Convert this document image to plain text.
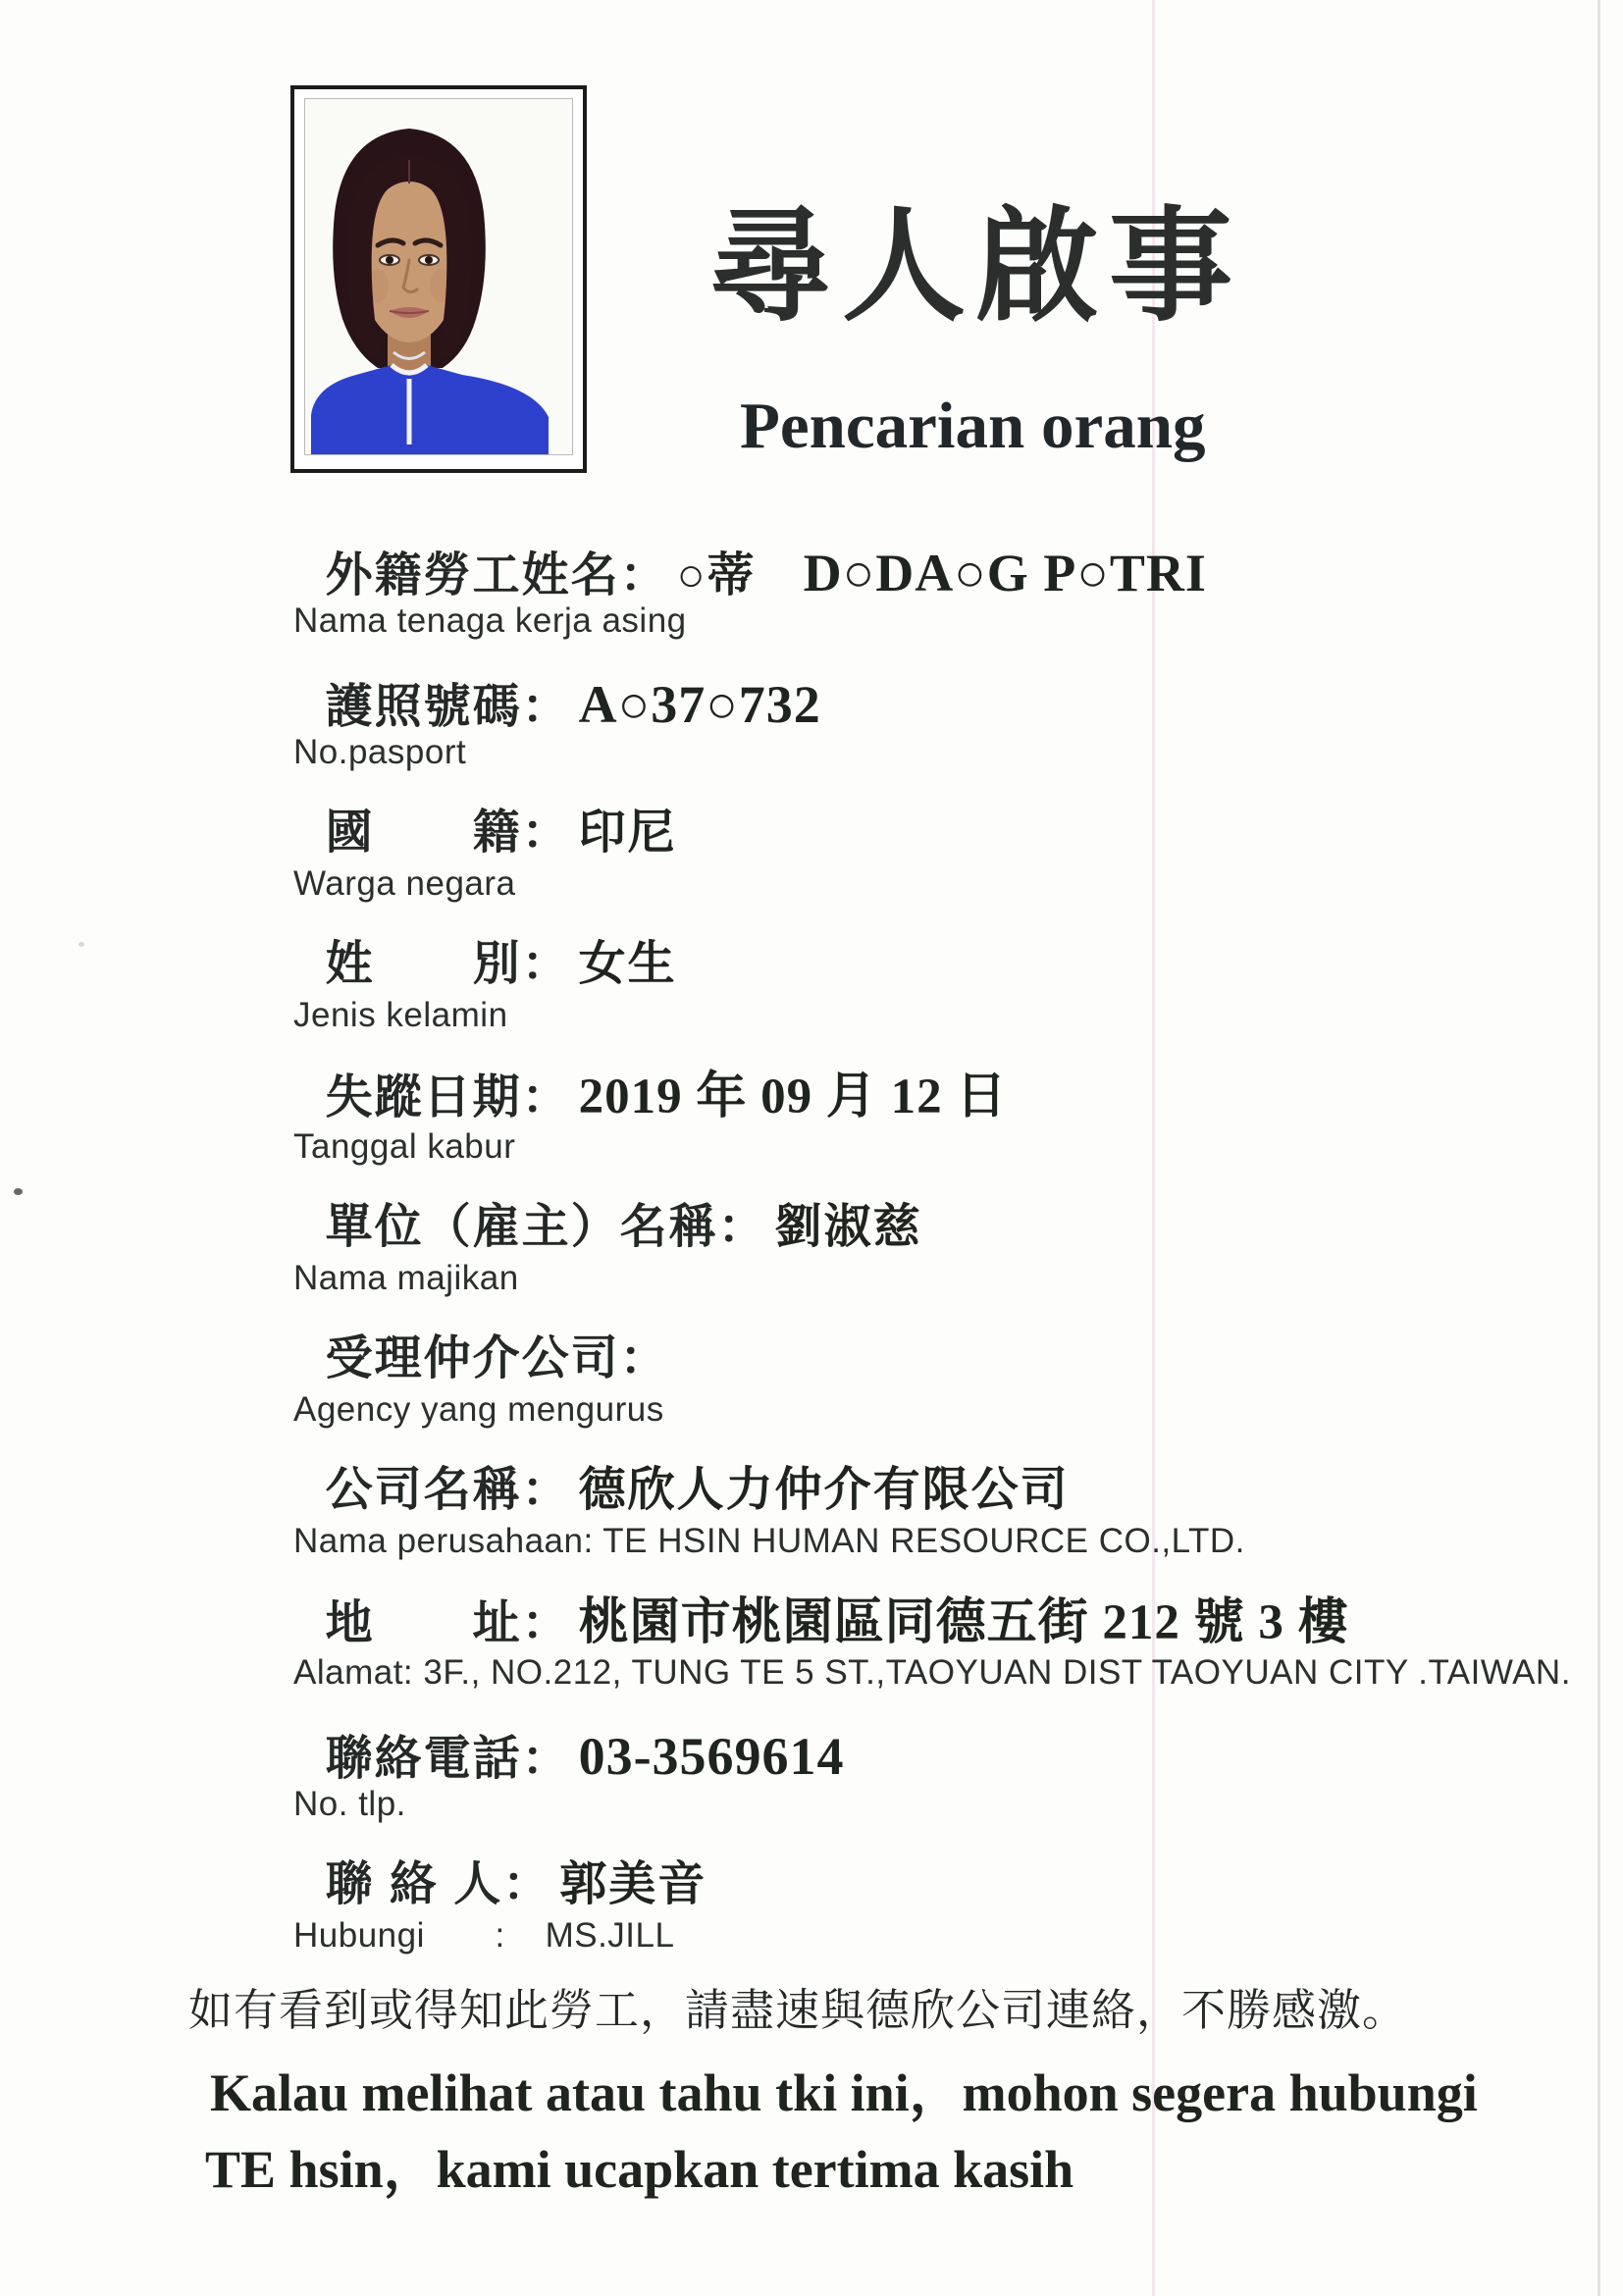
尋人啟事
Pencarian orang

外籍勞工姓名： ○蒂 D○DA○G P○TRI

Nama tenaga kerja asing

護照號碼： A○37○732

No.pasport

國　　籍： 印尼

Warga negara

姓　　別： 女生

Jenis kelamin

失蹤日期： 2019 年 09 月 12 日

Tanggal kabur

單位（雇主）名稱： 劉淑慈

Nama majikan

受理仲介公司：

Agency yang mengurus

公司名稱： 德欣人力仲介有限公司

Nama perusahaan: TE HSIN HUMAN RESOURCE CO.,LTD.

地　　址： 桃園市桃園區同德五街 212 號 3 樓

Alamat: 3F., NO.212, TUNG TE 5 ST.,TAOYUAN DIST TAOYUAN CITY .TAIWAN.

聯絡電話： 03-3569614

No. tlp.

聯 絡 人： 郭美音

Hubungi       :    MS.JILL
如有看到或得知此勞工，請盡速與德欣公司連絡，不勝感激。
Kalau melihat atau tahu tki ini，mohon segera hubungi
TE hsin，kami ucapkan tertima kasih
